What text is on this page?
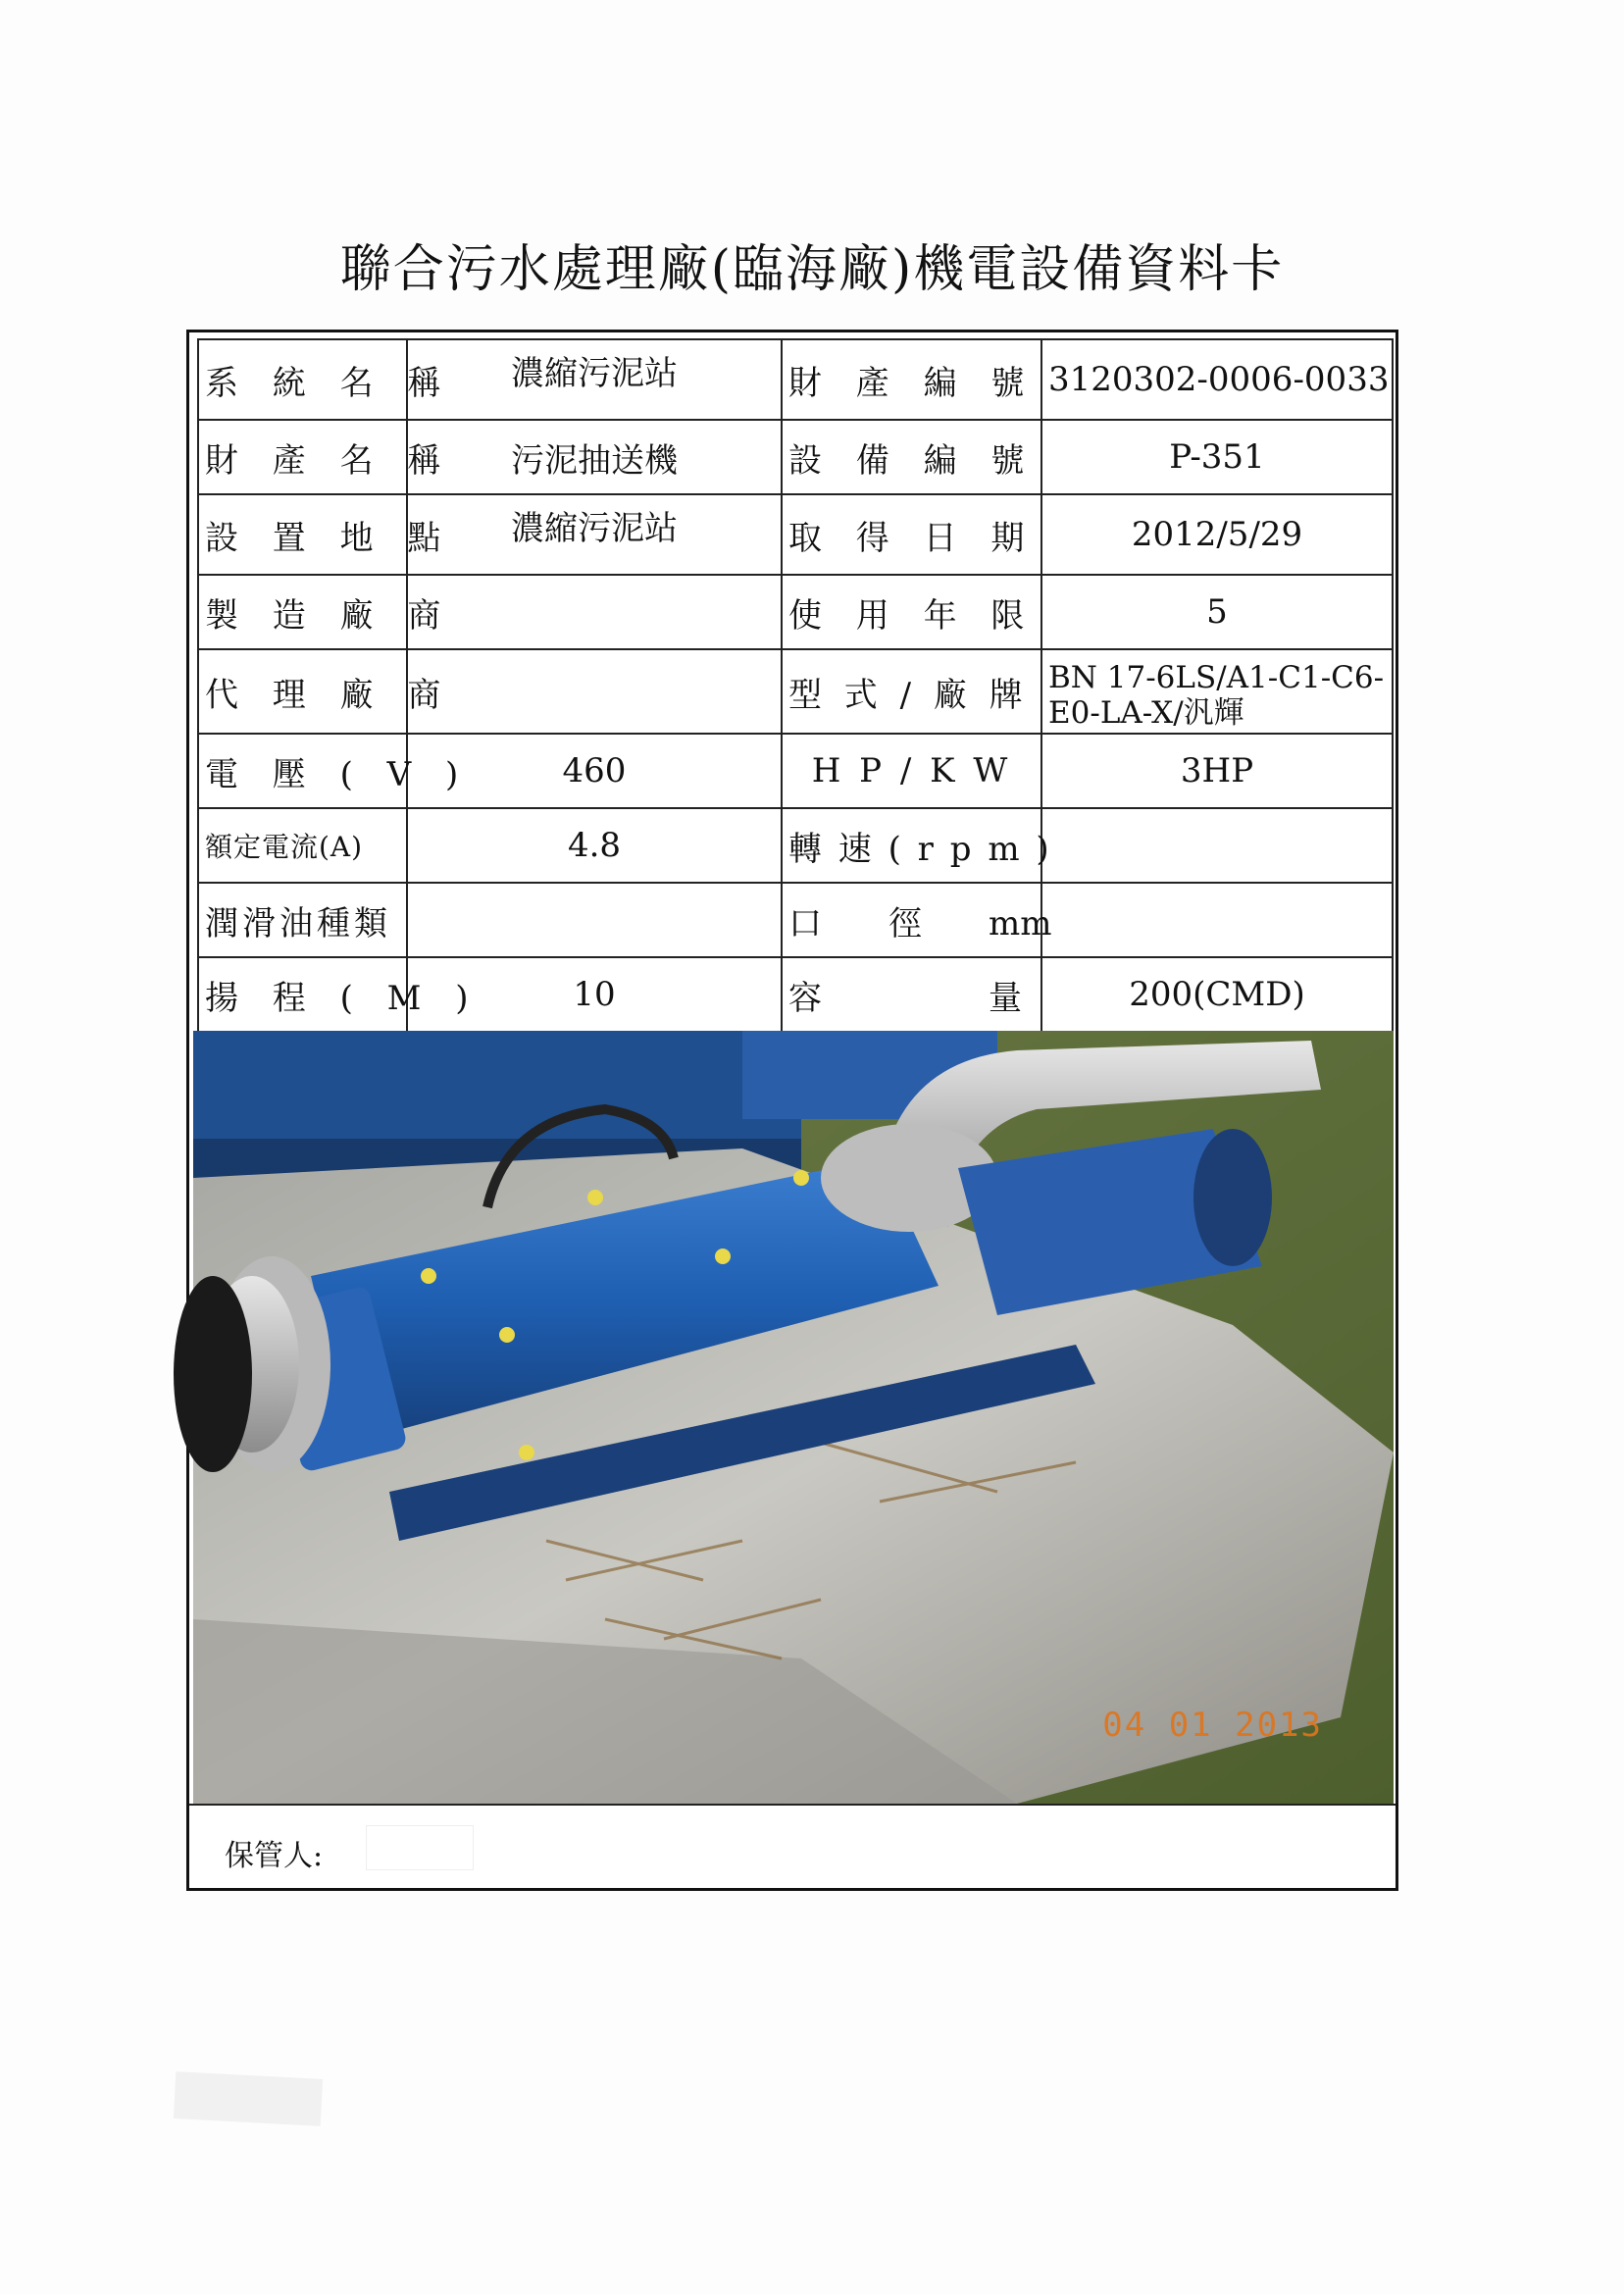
聯合污水處理廠(臨海廠)機電設備資料卡
系 統 名 稱	濃縮污泥站	財 產 編 號	3120302-0006-0033
財 產 名 稱	污泥抽送機	設 備 編 號	P-351
設 置 地 點	濃縮污泥站	取 得 日 期	2012/5/29
製 造 廠 商		使 用 年 限	5
代 理 廠 商		型 式 / 廠 牌	BN 17-6LS/A1-C1-C6-E0-LA-X/汎輝

電 壓 ( V )	460	H P / K W	3HP
額定電流(A)	4.8	轉 速 ( r p m )	
潤滑油種類		口　　徑　　mm	
揚 程 ( M )	10	容　　　　　量	200(CMD)
04 01 2013
保管人:
